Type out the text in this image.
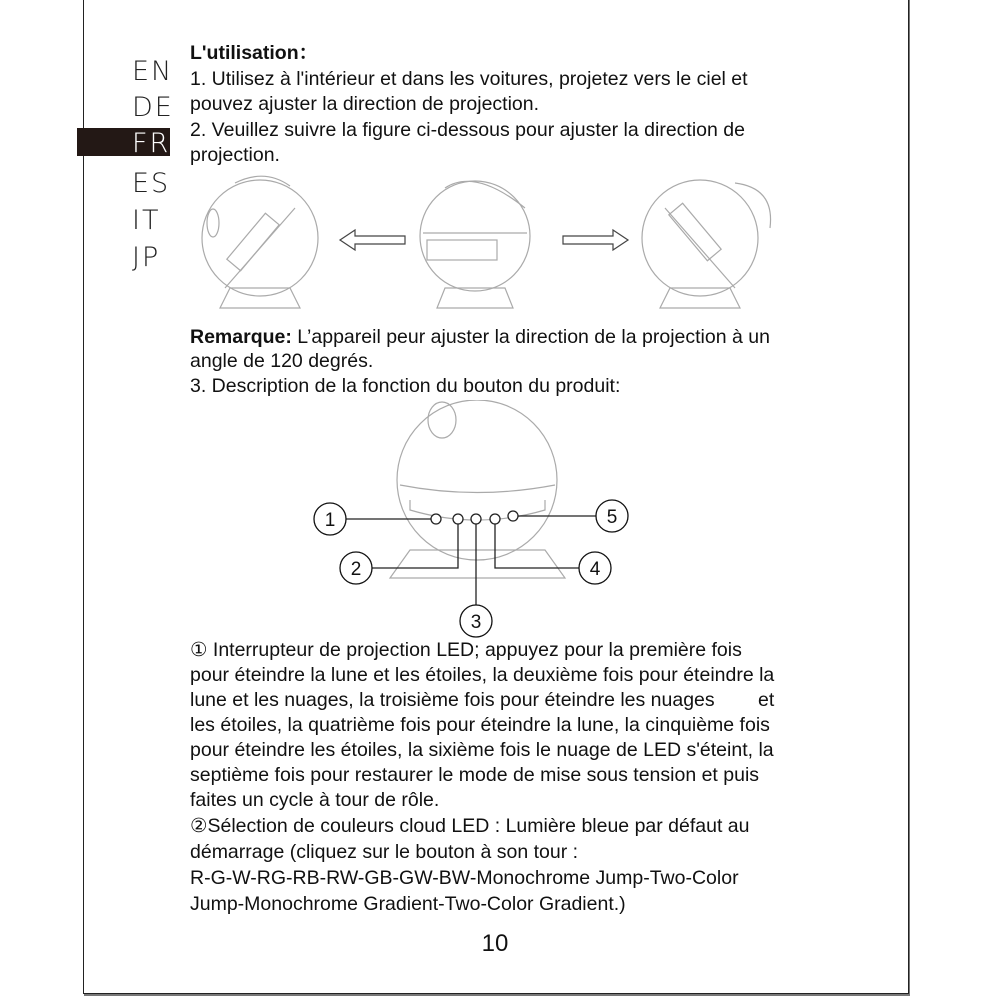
EN
DE
FR
ES
IT
JP
L'utilisation：
1. Utilisez à l'intérieur et dans les voitures, projetez vers le ciel et
pouvez ajuster la direction de projection.
2. Veuillez suivre la figure ci-dessous pour ajuster la direction de
projection.
Remarque: L’appareil peur ajuster la direction de la projection à un
angle de 120 degrés.
3. Description de la fonction du bouton du produit:
1
2
3
4
5
① Interrupteur de projection LED; appuyez pour la première fois
pour éteindre la lune et les étoiles, la deuxième fois pour éteindre la
lune et les nuages, la troisième fois pour éteindre les nuages        et
les étoiles, la quatrième fois pour éteindre la lune, la cinquième fois
pour éteindre les étoiles, la sixième fois le nuage de LED s'éteint, la
septième fois pour restaurer le mode de mise sous tension et puis
faites un cycle à tour de rôle.
②Sélection de couleurs cloud LED : Lumière bleue par défaut au
démarrage (cliquez sur le bouton à son tour :
R-G-W-RG-RB-RW-GB-GW-BW-Monochrome Jump-Two-Color
Jump-Monochrome Gradient-Two-Color Gradient.)
10
